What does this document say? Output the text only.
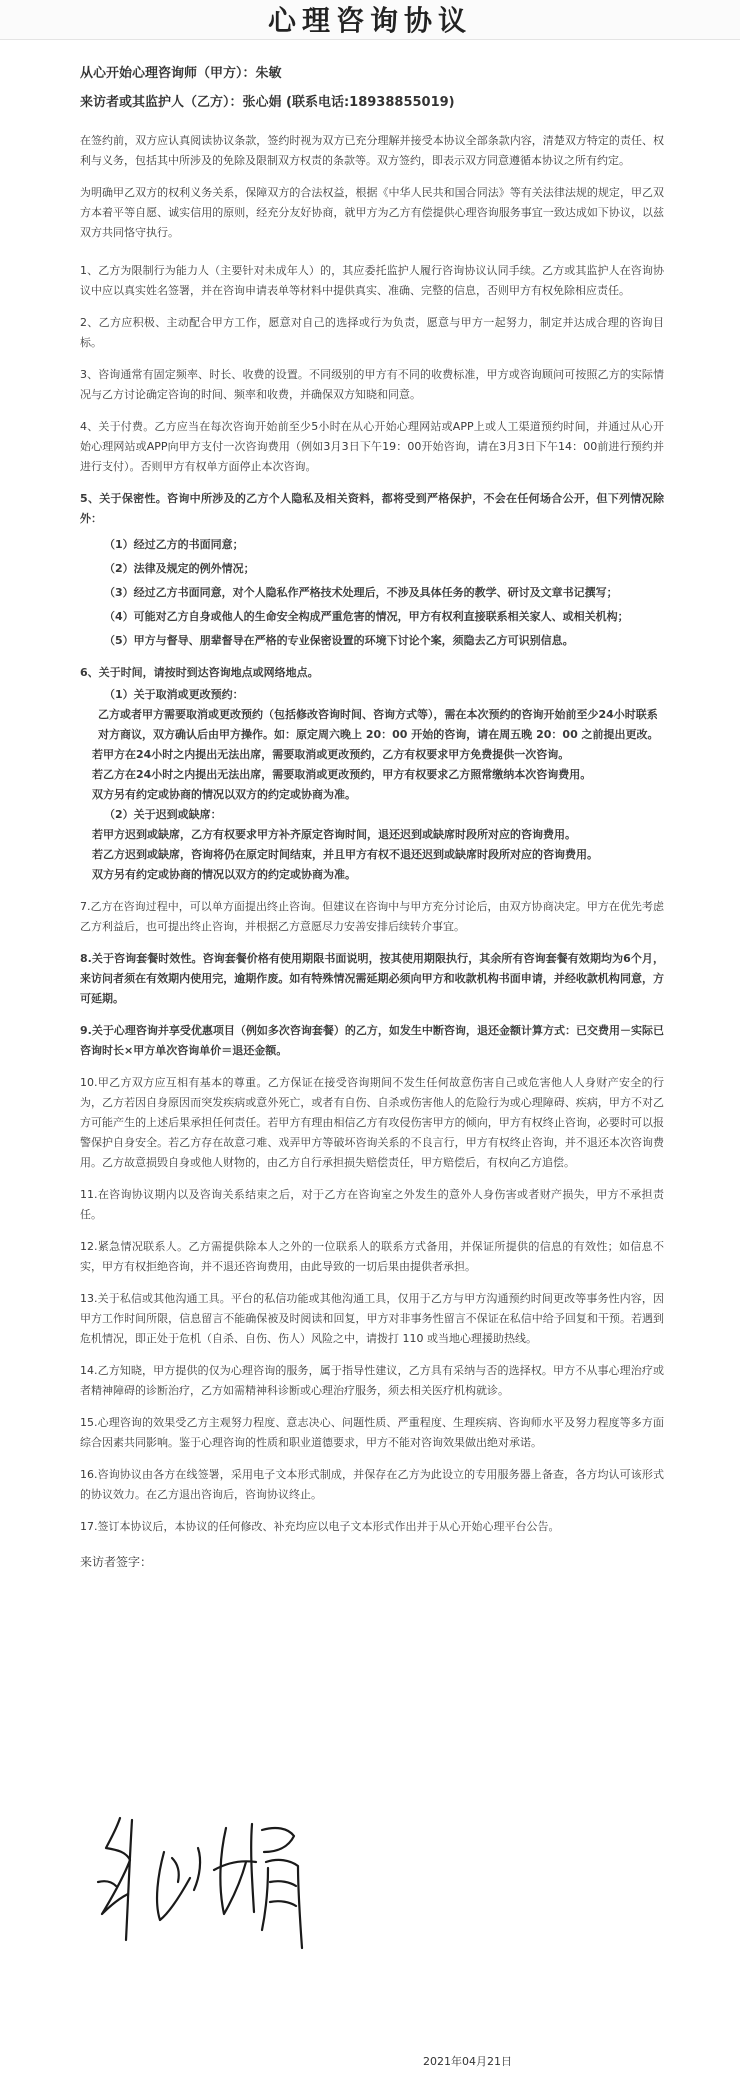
心理咨询协议
从心开始心理咨询师（甲方）：朱敏
来访者或其监护人（乙方）：张心娟 (联系电话:18938855019)

在签约前，双方应认真阅读协议条款，签约时视为双方已充分理解并接受本协议全部条款内容，清楚双方特定的责任、权利与义务，包括其中所涉及的免除及限制双方权责的条款等。双方签约，即表示双方同意遵循本协议之所有约定。

为明确甲乙双方的权利义务关系，保障双方的合法权益，根据《中华人民共和国合同法》等有关法律法规的规定，甲乙双方本着平等自愿、诚实信用的原则，经充分友好协商，就甲方为乙方有偿提供心理咨询服务事宜一致达成如下协议，以兹双方共同恪守执行。

1、乙方为限制行为能力人（主要针对未成年人）的，其应委托监护人履行咨询协议认同手续。乙方或其监护人在咨询协议中应以真实姓名签署，并在咨询申请表单等材料中提供真实、准确、完整的信息，否则甲方有权免除相应责任。

2、乙方应积极、主动配合甲方工作，愿意对自己的选择或行为负责，愿意与甲方一起努力，制定并达成合理的咨询目标。

3、咨询通常有固定频率、时长、收费的设置。不同级别的甲方有不同的收费标准，甲方或咨询顾问可按照乙方的实际情况与乙方讨论确定咨询的时间、频率和收费，并确保双方知晓和同意。

4、关于付费。乙方应当在每次咨询开始前至少5小时在从心开始心理网站或APP上或人工渠道预约时间，并通过从心开始心理网站或APP向甲方支付一次咨询费用（例如3月3日下午19：00开始咨询，请在3月3日下午14：00前进行预约并进行支付）。否则甲方有权单方面停止本次咨询。

5、关于保密性。咨询中所涉及的乙方个人隐私及相关资料，都将受到严格保护，不会在任何场合公开，但下列情况除外：

（1）经过乙方的书面同意；
（2）法律及规定的例外情况；
（3）经过乙方书面同意，对个人隐私作严格技术处理后，不涉及具体任务的教学、研讨及文章书记撰写；
（4）可能对乙方自身或他人的生命安全构成严重危害的情况，甲方有权利直接联系相关家人、或相关机构；
（5）甲方与督导、朋辈督导在严格的专业保密设置的环境下讨论个案，须隐去乙方可识别信息。

6、关于时间，请按时到达咨询地点或网络地点。

（1）关于取消或更改预约：
乙方或者甲方需要取消或更改预约（包括修改咨询时间、咨询方式等），需在本次预约的咨询开始前至少24小时联系对方商议，双方确认后由甲方操作。如：原定周六晚上 20：00 开始的咨询，请在周五晚 20：00 之前提出更改。
若甲方在24小时之内提出无法出席，需要取消或更改预约，乙方有权要求甲方免费提供一次咨询。
若乙方在24小时之内提出无法出席，需要取消或更改预约，甲方有权要求乙方照常缴纳本次咨询费用。
双方另有约定或协商的情况以双方的约定或协商为准。
（2）关于迟到或缺席：
若甲方迟到或缺席，乙方有权要求甲方补齐原定咨询时间，退还迟到或缺席时段所对应的咨询费用。
若乙方迟到或缺席，咨询将仍在原定时间结束，并且甲方有权不退还迟到或缺席时段所对应的咨询费用。
双方另有约定或协商的情况以双方的约定或协商为准。

7.乙方在咨询过程中，可以单方面提出终止咨询。但建议在咨询中与甲方充分讨论后，由双方协商决定。甲方在优先考虑乙方利益后，也可提出终止咨询，并根据乙方意愿尽力安善安排后续转介事宜。

8.关于咨询套餐时效性。咨询套餐价格有使用期限书面说明，按其使用期限执行，其余所有咨询套餐有效期均为6个月，来访问者须在有效期内使用完，逾期作废。如有特殊情况需延期必须向甲方和收款机构书面申请，并经收款机构同意，方可延期。

9.关于心理咨询并享受优惠项目（例如多次咨询套餐）的乙方，如发生中断咨询，退还金额计算方式：已交费用－实际已咨询时长×甲方单次咨询单价＝退还金额。

10.甲乙方双方应互相有基本的尊重。乙方保证在接受咨询期间不发生任何故意伤害自己或危害他人人身财产安全的行为，乙方若因自身原因而突发疾病或意外死亡，或者有自伤、自杀或伤害他人的危险行为或心理障碍、疾病，甲方不对乙方可能产生的上述后果承担任何责任。若甲方有理由相信乙方有攻侵伤害甲方的倾向，甲方有权终止咨询，必要时可以报警保护自身安全。若乙方存在故意刁难、戏弄甲方等破坏咨询关系的不良言行，甲方有权终止咨询，并不退还本次咨询费用。乙方故意损毁自身或他人财物的，由乙方自行承担损失赔偿责任，甲方赔偿后，有权向乙方追偿。

11.在咨询协议期内以及咨询关系结束之后，对于乙方在咨询室之外发生的意外人身伤害或者财产损失，甲方不承担责任。

12.紧急情况联系人。乙方需提供除本人之外的一位联系人的联系方式备用，并保证所提供的信息的有效性；如信息不实，甲方有权拒绝咨询，并不退还咨询费用，由此导致的一切后果由提供者承担。

13.关于私信或其他沟通工具。平台的私信功能或其他沟通工具，仅用于乙方与甲方沟通预约时间更改等事务性内容，因甲方工作时间所限，信息留言不能确保被及时阅读和回复，甲方对非事务性留言不保证在私信中给予回复和干预。若遇到危机情况，即正处于危机（自杀、自伤、伤人）风险之中，请拨打 110 或当地心理援助热线。

14.乙方知晓，甲方提供的仅为心理咨询的服务，属于指导性建议，乙方具有采纳与否的选择权。甲方不从事心理治疗或者精神障碍的诊断治疗，乙方如需精神科诊断或心理治疗服务，须去相关医疗机构就诊。

15.心理咨询的效果受乙方主观努力程度、意志决心、问题性质、严重程度、生理疾病、咨询师水平及努力程度等多方面综合因素共同影响。鉴于心理咨询的性质和职业道德要求，甲方不能对咨询效果做出绝对承诺。

16.咨询协议由各方在线签署，采用电子文本形式制成，并保存在乙方为此设立的专用服务器上备查，各方均认可该形式的协议效力。在乙方退出咨询后，咨询协议终止。

17.签订本协议后，本协议的任何修改、补充均应以电子文本形式作出并于从心开始心理平台公告。

来访者签字：
2021年04月21日
